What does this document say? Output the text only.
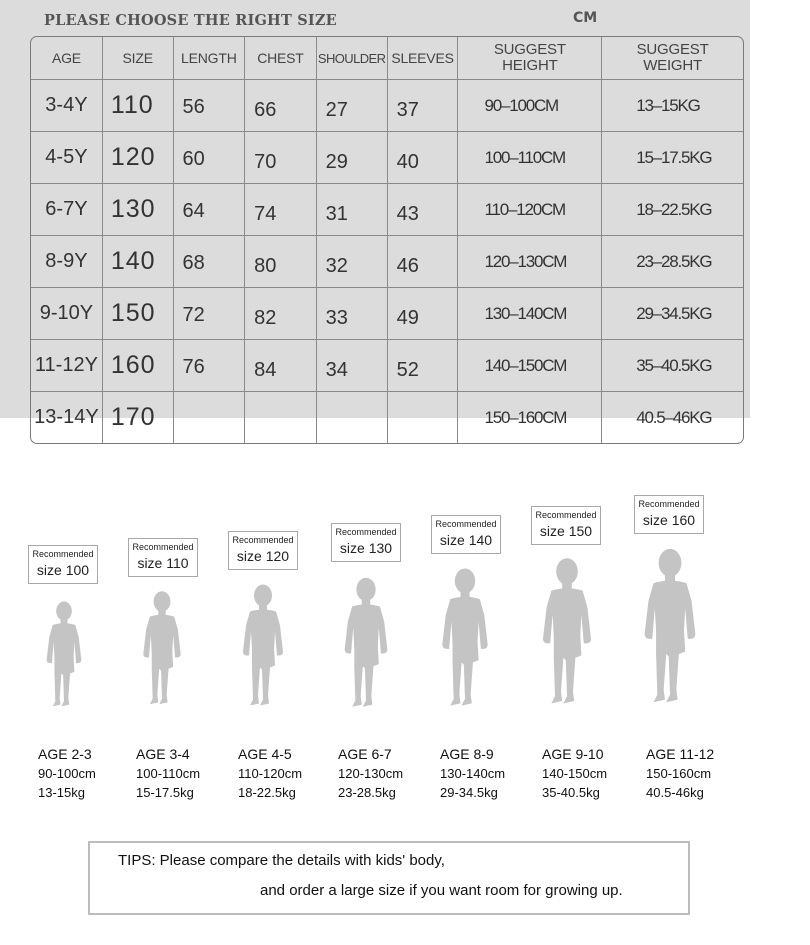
PLEASE CHOOSE THE RIGHT SIZE	CM
AGE	SIZE	LENGTH	CHEST	SHOULDER	SLEEVES	SUGGEST HEIGHT	SUGGEST WEIGHT
3-4Y	110	56	66	27	37	90–100CM	13–15KG
4-5Y	120	60	70	29	40	100–110CM	15–17.5KG
6-7Y	130	64	74	31	43	110–120CM	18–22.5KG
8-9Y	140	68	80	32	46	120–130CM	23–28.5KG
9-10Y	150	72	82	33	49	130–140CM	29–34.5KG
11-12Y	160	76	84	34	52	140–150CM	35–40.5KG
13-14Y	170					150–160CM	40.5–46KG
Recommended
size 100
AGE 2-3
90-100cm
13-15kg
Recommended
size 110
AGE 3-4
100-110cm
15-17.5kg
Recommended
size 120
AGE 4-5
110-120cm
18-22.5kg
Recommended
size 130
AGE 6-7
120-130cm
23-28.5kg
Recommended
size 140
AGE 8-9
130-140cm
29-34.5kg
Recommended
size 150
AGE 9-10
140-150cm
35-40.5kg
Recommended
size 160
AGE 11-12
150-160cm
40.5-46kg
TIPS: Please compare the details with kids' body,
and order a large size if you want room for growing up.
